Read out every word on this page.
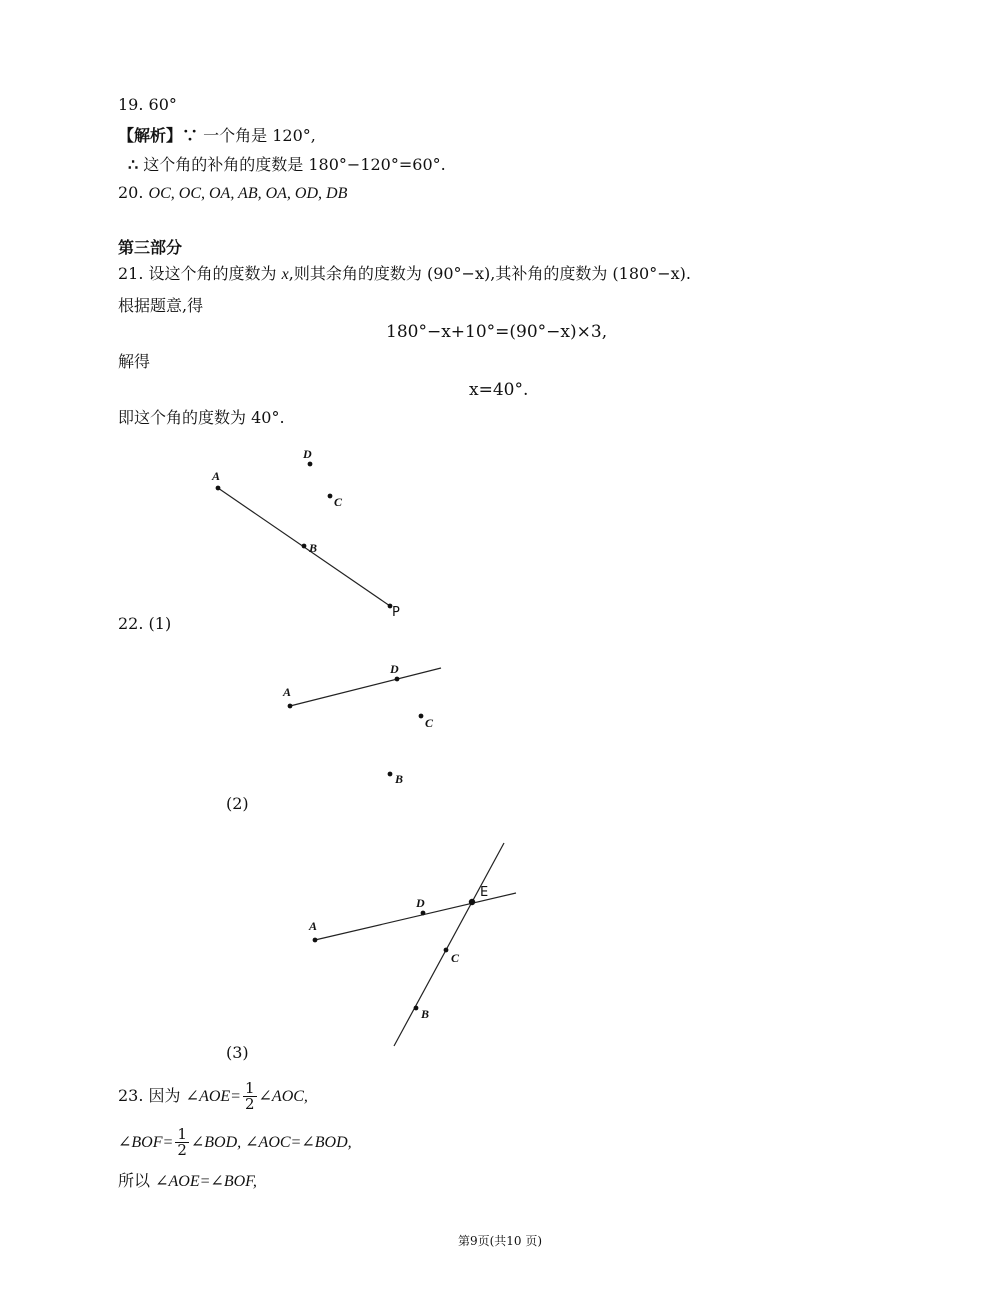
19. 60°
【解析】∵ 一个角是 120°,
∴ 这个角的补角的度数是 180°−120°=60°.
20. OC, OC, OA, AB, OA, OD, DB
第三部分
21. 设这个角的度数为 x,则其余角的度数为 (90°−x),其补角的度数为 (180°−x).
根据题意,得
180°−x+10°=(90°−x)×3,
解得
x=40°.
即这个角的度数为 40°.
A
D
C
B
P
A
D
C
B
A
D
E
C
B
22. (1)
(2)
(3)
23. 因为 ∠AOE= $\frac{1}{2}$ ∠AOC,
∠BOF= $\frac{1}{2}$ ∠BOD, ∠AOC=∠BOD,
所以 ∠AOE=∠BOF,
第9页(共10 页)
